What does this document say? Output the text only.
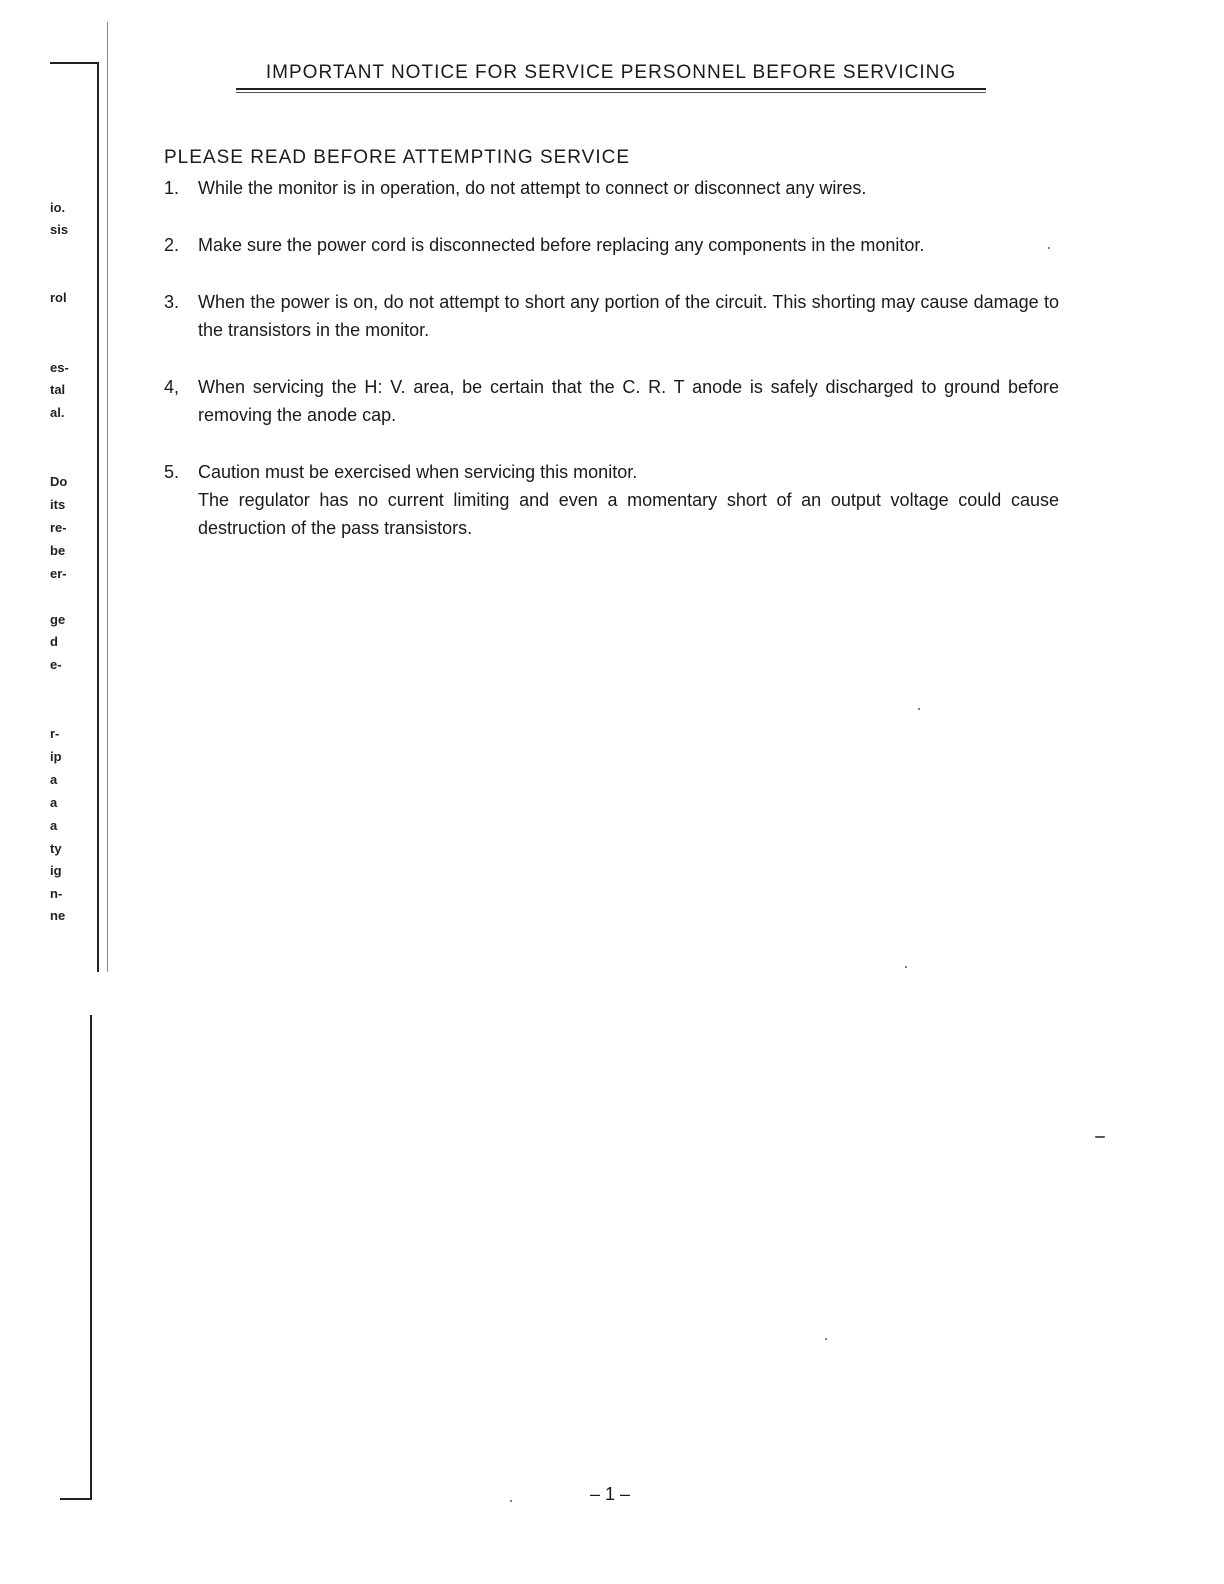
io.
sis
rol
es-
tal
al.
Do
its
re-
be
er-
ge
d
e-
r-
ip
a
a
a
ty
ig
n-
ne
IMPORTANT NOTICE FOR SERVICE PERSONNEL BEFORE SERVICING
PLEASE READ BEFORE ATTEMPTING SERVICE
1.	While the monitor is in operation, do not attempt to connect or disconnect any wires.

2.	Make sure the power cord is disconnected before replacing any components in the monitor.

3.	When the power is on, do not attempt to short any portion of the circuit. This shorting may cause damage to the transistors in the monitor.

4,	When servicing the H: V. area, be certain that the C. R. T anode is safely discharged to ground before removing the anode cap.

5.	Caution must be exercised when servicing this monitor.

The regulator has no current limiting and even a momentary short of an output voltage could cause destruction of the pass transistors.

– 1 –
